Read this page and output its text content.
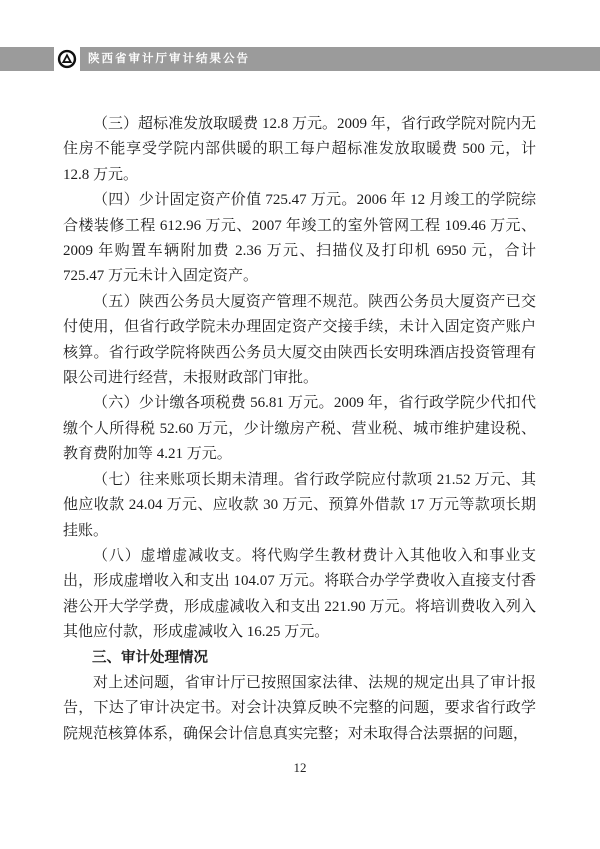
陕西省审计厅审计结果公告

（三）超标准发放取暖费 12.8 万元。2009 年，省行政学院对院内无住房不能享受学院内部供暖的职工每户超标准发放取暖费 500 元，计 12.8 万元。

（四）少计固定资产价值 725.47 万元。2006 年 12 月竣工的学院综合楼装修工程 612.96 万元、2007 年竣工的室外管网工程 109.46 万元、2009 年购置车辆附加费 2.36 万元、扫描仪及打印机 6950 元，合计 725.47 万元未计入固定资产。

（五）陕西公务员大厦资产管理不规范。陕西公务员大厦资产已交付使用，但省行政学院未办理固定资产交接手续，未计入固定资产账户核算。省行政学院将陕西公务员大厦交由陕西长安明珠酒店投资管理有限公司进行经营，未报财政部门审批。

（六）少计缴各项税费 56.81 万元。2009 年，省行政学院少代扣代缴个人所得税 52.60 万元，少计缴房产税、营业税、城市维护建设税、教育费附加等 4.21 万元。

（七）往来账项长期未清理。省行政学院应付款项 21.52 万元、其他应收款 24.04 万元、应收款 30 万元、预算外借款 17 万元等款项长期挂账。

（八）虚增虚减收支。将代购学生教材费计入其他收入和事业支出，形成虚增收入和支出 104.07 万元。将联合办学学费收入直接支付香港公开大学学费，形成虚减收入和支出 221.90 万元。将培训费收入列入其他应付款，形成虚减收入 16.25 万元。

三、审计处理情况

对上述问题，省审计厅已按照国家法律、法规的规定出具了审计报告，下达了审计决定书。对会计决算反映不完整的问题，要求省行政学院规范核算体系，确保会计信息真实完整；对未取得合法票据的问题，

12
